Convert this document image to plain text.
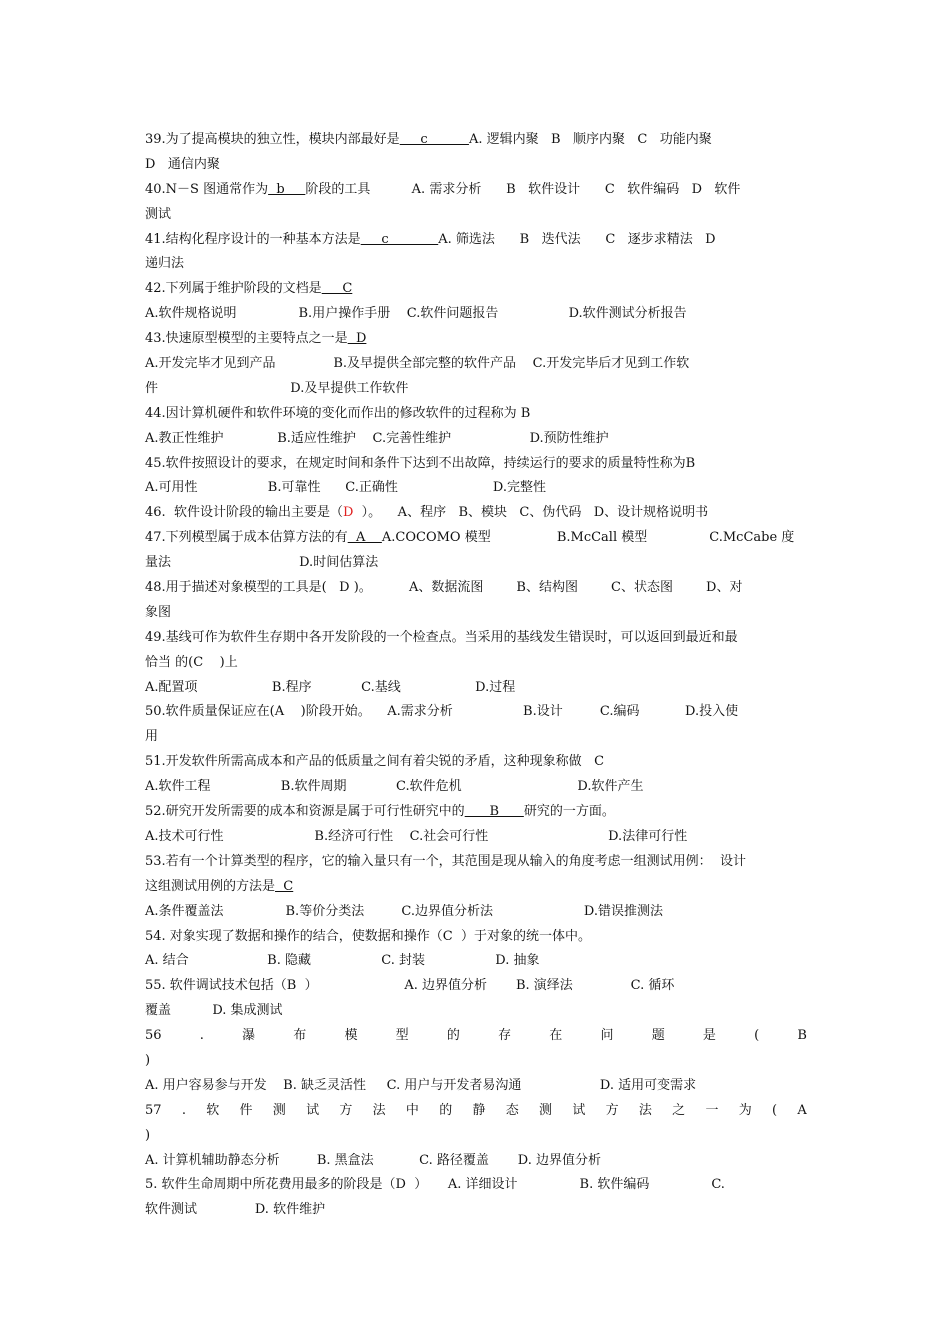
39.为了提高模块的独立性，模块内部最好是     c          A. 逻辑内聚   B   顺序内聚   C   功能内聚
D   通信内聚
40.N－S 图通常作为  b     阶段的工具          A. 需求分析      B   软件设计      C   软件编码   D   软件
测试
41.结构化程序设计的一种基本方法是     c            A. 筛选法      B   迭代法      C   逐步求精法   D
递归法
42.下列属于维护阶段的文档是     C
A.软件规格说明               B.用户操作手册    C.软件问题报告                 D.软件测试分析报告
43.快速原型模型的主要特点之一是  D
A.开发完毕才见到产品              B.及早提供全部完整的软件产品    C.开发完毕后才见到工作软
件                                D.及早提供工作软件
44.因计算机硬件和软件环境的变化而作出的修改软件的过程称为 B
A.教正性维护             B.适应性维护    C.完善性维护                   D.预防性维护
45.软件按照设计的要求，在规定时间和条件下达到不出故障，持续运行的要求的质量特性称为B
A.可用性                 B.可靠性      C.正确性                       D.完整性
46.  软件设计阶段的输出主要是（D  ）。    A、程序   B、模块   C、伪代码   D、设计规格说明书
47.下列模型属于成本估算方法的有  A    A.COCOMO 模型                B.McCall 模型               C.McCabe 度
量法                               D.时间估算法
48.用于描述对象模型的工具是(   D )。         A、数据流图        B、结构图        C、状态图        D、对
象图
49.基线可作为软件生存期中各开发阶段的一个检查点。当采用的基线发生错误时，可以返回到最近和最
恰当 的(C    )上
A.配置项                  B.程序            C.基线                  D.过程
50.软件质量保证应在(A    )阶段开始。    A.需求分析                 B.设计         C.编码           D.投入使
用
51.开发软件所需高成本和产品的低质量之间有着尖锐的矛盾，这种现象称做   C
A.软件工程                 B.软件周期            C.软件危机                            D.软件产生
52.研究开发所需要的成本和资源是属于可行性研究中的      B      研究的一方面。
A.技术可行性                      B.经济可行性    C.社会可行性                             D.法律可行性
53.若有一个计算类型的程序，它的输入量只有一个，其范围是现从输入的角度考虑一组测试用例：  设计
这组测试用例的方法是  C
A.条件覆盖法               B.等价分类法         C.边界值分析法                      D.错误推测法
54. 对象实现了数据和操作的结合，使数据和操作（C  ）于对象的统一体中。
A. 结合                   B. 隐藏                 C. 封装                 D. 抽象
55. 软件调试技术包括（B  ）                     A. 边界值分析       B. 演绎法              C. 循环
覆盖          D. 集成测试
56	.	瀑	布	模	型	的	存	在	问	题	是	(	B
)
A. 用户容易参与开发    B. 缺乏灵活性     C. 用户与开发者易沟通                   D. 适用可变需求
57 . 软 件 测 试 方 法 中 的 静 态 测 试 方 法 之 一 为 ( A
)
A. 计算机辅助静态分析         B. 黑盒法           C. 路径覆盖       D. 边界值分析
5. 软件生命周期中所花费用最多的阶段是（D  ）     A. 详细设计               B. 软件编码               C.
软件测试              D. 软件维护
